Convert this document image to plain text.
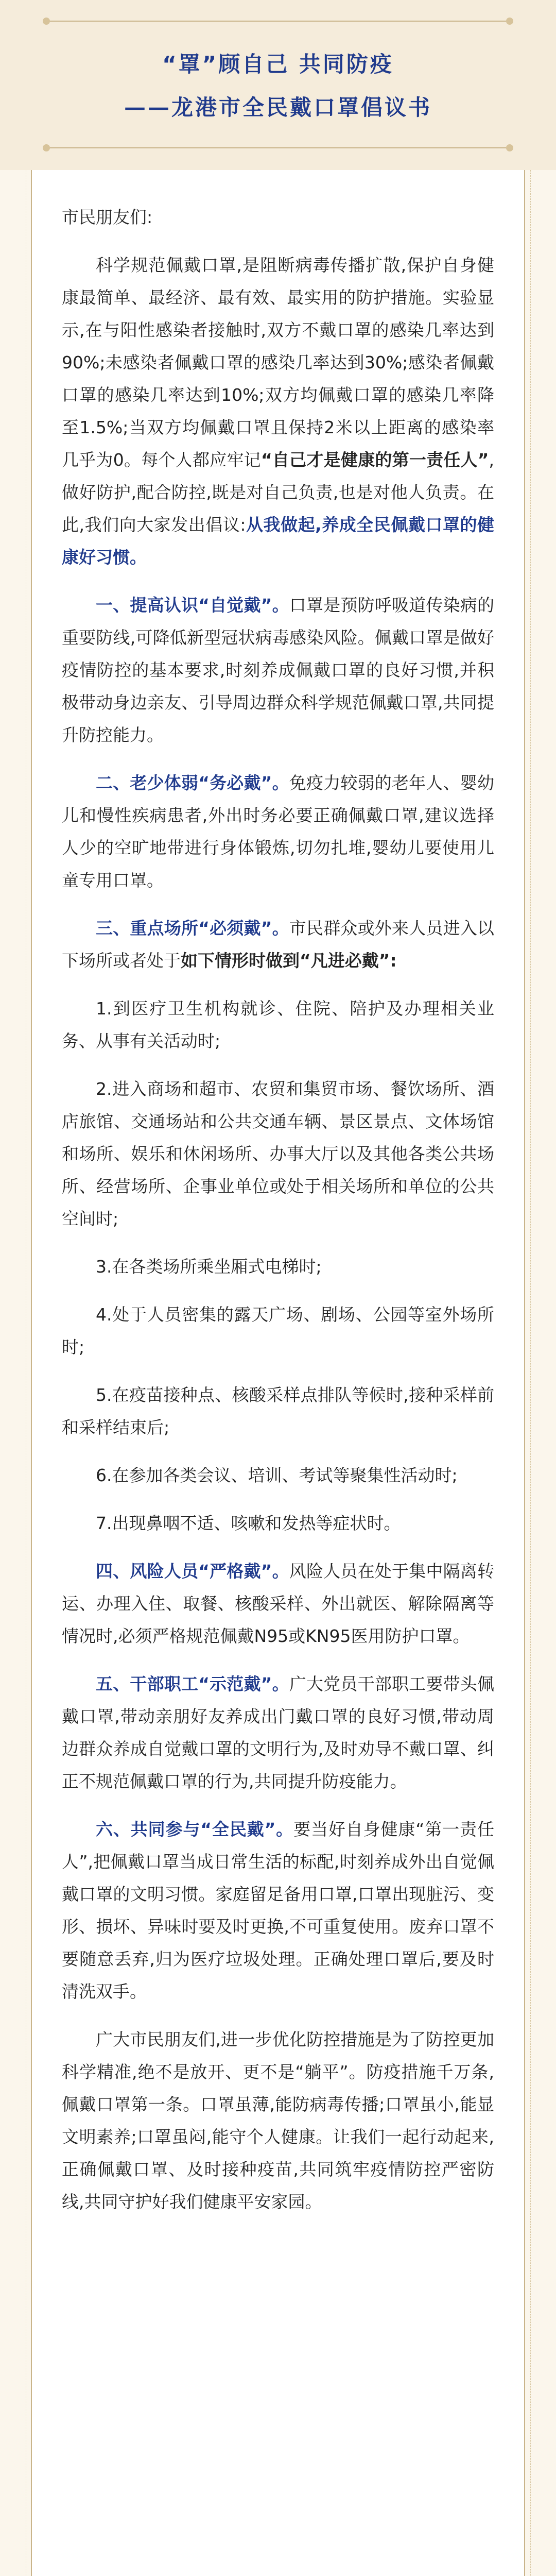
“罩”顾自己 共同防疫
——龙港市全民戴口罩倡议书

市民朋友们:

科学规范佩戴口罩,是阻断病毒传播扩散,保护自身健康最简单、最经济、最有效、最实用的防护措施。实验显示,在与阳性感染者接触时,双方不戴口罩的感染几率达到90%;未感染者佩戴口罩的感染几率达到30%;感染者佩戴口罩的感染几率达到10%;双方均佩戴口罩的感染几率降至1.5%;当双方均佩戴口罩且保持2米以上距离的感染率几乎为0。每个人都应牢记“自己才是健康的第一责任人”,做好防护,配合防控,既是对自己负责,也是对他人负责。在此,我们向大家发出倡议:从我做起,养成全民佩戴口罩的健康好习惯。

一、提高认识“自觉戴”。口罩是预防呼吸道传染病的重要防线,可降低新型冠状病毒感染风险。佩戴口罩是做好疫情防控的基本要求,时刻养成佩戴口罩的良好习惯,并积极带动身边亲友、引导周边群众科学规范佩戴口罩,共同提升防控能力。

二、老少体弱“务必戴”。免疫力较弱的老年人、婴幼儿和慢性疾病患者,外出时务必要正确佩戴口罩,建议选择人少的空旷地带进行身体锻炼,切勿扎堆,婴幼儿要使用儿童专用口罩。

三、重点场所“必须戴”。市民群众或外来人员进入以下场所或者处于如下情形时做到“凡进必戴”:

1.到医疗卫生机构就诊、住院、陪护及办理相关业务、从事有关活动时;

2.进入商场和超市、农贸和集贸市场、餐饮场所、酒店旅馆、交通场站和公共交通车辆、景区景点、文体场馆和场所、娱乐和休闲场所、办事大厅以及其他各类公共场所、经营场所、企事业单位或处于相关场所和单位的公共空间时;

3.在各类场所乘坐厢式电梯时;

4.处于人员密集的露天广场、剧场、公园等室外场所时;

5.在疫苗接种点、核酸采样点排队等候时,接种采样前和采样结束后;

6.在参加各类会议、培训、考试等聚集性活动时;

7.出现鼻咽不适、咳嗽和发热等症状时。

四、风险人员“严格戴”。风险人员在处于集中隔离转运、办理入住、取餐、核酸采样、外出就医、解除隔离等情况时,必须严格规范佩戴N95或KN95医用防护口罩。

五、干部职工“示范戴”。广大党员干部职工要带头佩戴口罩,带动亲朋好友养成出门戴口罩的良好习惯,带动周边群众养成自觉戴口罩的文明行为,及时劝导不戴口罩、纠正不规范佩戴口罩的行为,共同提升防疫能力。

六、共同参与“全民戴”。要当好自身健康“第一责任人”,把佩戴口罩当成日常生活的标配,时刻养成外出自觉佩戴口罩的文明习惯。家庭留足备用口罩,口罩出现脏污、变形、损坏、异味时要及时更换,不可重复使用。废弃口罩不要随意丢弃,归为医疗垃圾处理。正确处理口罩后,要及时清洗双手。

广大市民朋友们,进一步优化防控措施是为了防控更加科学精准,绝不是放开、更不是“躺平”。防疫措施千万条,佩戴口罩第一条。口罩虽薄,能防病毒传播;口罩虽小,能显文明素养;口罩虽闷,能守个人健康。让我们一起行动起来,正确佩戴口罩、及时接种疫苗,共同筑牢疫情防控严密防线,共同守护好我们健康平安家园。
